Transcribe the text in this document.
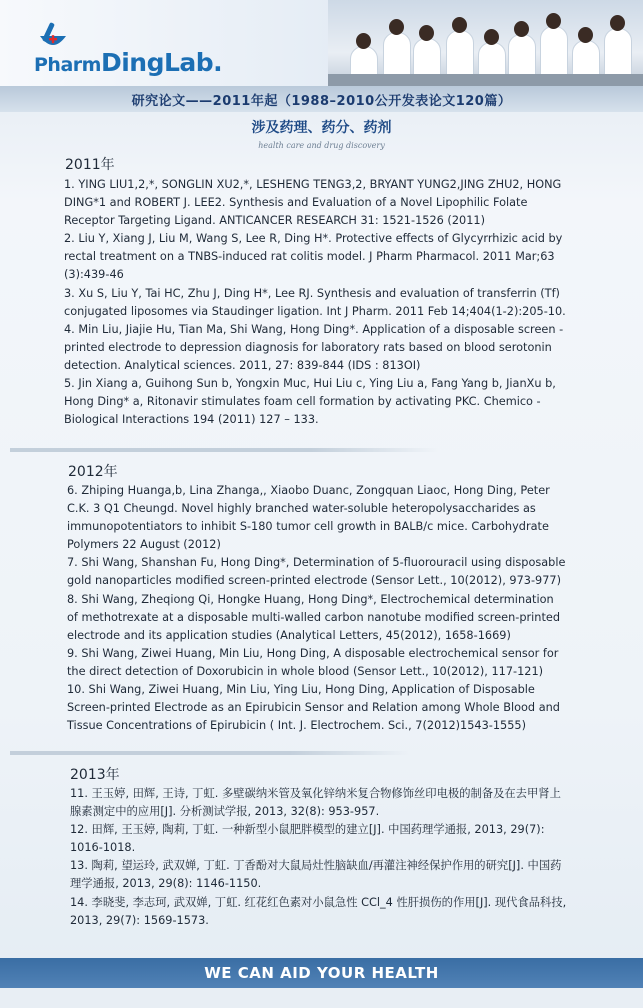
PharmDingLab.
研究论文——2011年起（1988–2010公开发表论文120篇）
涉及药理、药分、药剂
health care and drug discovery
2011年

1. YING LIU1,2,*, SONGLIN XU2,*, LESHENG TENG3,2, BRYANT YUNG2,JING ZHU2, HONG DING*1 and ROBERT J. LEE2. Synthesis and Evaluation of a Novel Lipophilic Folate Receptor Targeting Ligand. ANTICANCER RESEARCH 31: 1521-1526 (2011)

2. Liu Y, Xiang J, Liu M, Wang S, Lee R, Ding H*. Protective effects of Glycyrrhizic acid by rectal treatment on a TNBS-induced rat colitis model. J Pharm Pharmacol. 2011 Mar;63 (3):439-46

3. Xu S, Liu Y, Tai HC, Zhu J, Ding H*, Lee RJ. Synthesis and evaluation of transferrin (Tf) conjugated liposomes via Staudinger ligation. Int J Pharm. 2011 Feb 14;404(1-2):205-10.

4. Min Liu, Jiajie Hu, Tian Ma, Shi Wang, Hong Ding*. Application of a disposable screen -printed electrode to depression diagnosis for laboratory rats based on blood serotonin detection. Analytical sciences. 2011, 27: 839-844 (IDS : 813OI)

5. Jin Xiang a, Guihong Sun b, Yongxin Muc, Hui Liu c, Ying Liu a, Fang Yang b, JianXu b, Hong Ding* a, Ritonavir stimulates foam cell formation by activating PKC. Chemico -Biological Interactions 194 (2011) 127 – 133.

2012年

6. Zhiping Huanga,b, Lina Zhanga,, Xiaobo Duanc, Zongquan Liaoc, Hong Ding, Peter C.K. 3 Q1 Cheungd. Novel highly branched water-soluble heteropolysaccharides as immunopotentiators to inhibit S-180 tumor cell growth in BALB/c mice. Carbohydrate Polymers 22 August (2012)

7. Shi Wang, Shanshan Fu, Hong Ding*, Determination of 5-fluorouracil using disposable gold nanoparticles modified screen-printed electrode (Sensor Lett., 10(2012), 973-977)

8. Shi Wang, Zheqiong Qi, Hongke Huang, Hong Ding*, Electrochemical determination of methotrexate at a disposable multi-walled carbon nanotube modified screen-printed electrode and its application studies (Analytical Letters, 45(2012), 1658-1669)

9. Shi Wang, Ziwei Huang, Min Liu, Hong Ding, A disposable electrochemical sensor for the direct detection of Doxorubicin in whole blood (Sensor Lett., 10(2012), 117-121)

10. Shi Wang, Ziwei Huang, Min Liu, Ying Liu, Hong Ding, Application of Disposable Screen-printed Electrode as an Epirubicin Sensor and Relation among Whole Blood and Tissue Concentrations of Epirubicin ( Int. J. Electrochem. Sci., 7(2012)1543-1555)

2013年

11. 王玉婷, 田辉, 王诗, 丁虹. 多壁碳纳米管及氧化锌纳米复合物修饰丝印电极的制备及在去甲肾上腺素测定中的应用[J]. 分析测试学报, 2013, 32(8): 953-957.

12. 田辉, 王玉婷, 陶莉, 丁虹. 一种新型小鼠肥胖模型的建立[J]. 中国药理学通报, 2013, 29(7): 1016-1018.

13. 陶莉, 望运玲, 武双婵, 丁虹. 丁香酚对大鼠局灶性脑缺血/再灌注神经保护作用的研究[J]. 中国药理学通报, 2013, 29(8): 1146-1150.

14. 李晓斐, 李志珂, 武双婵, 丁虹. 红花红色素对小鼠急性 CCl_4 性肝损伤的作用[J]. 现代食品科技, 2013, 29(7): 1569-1573.

WE CAN AID YOUR HEALTH
